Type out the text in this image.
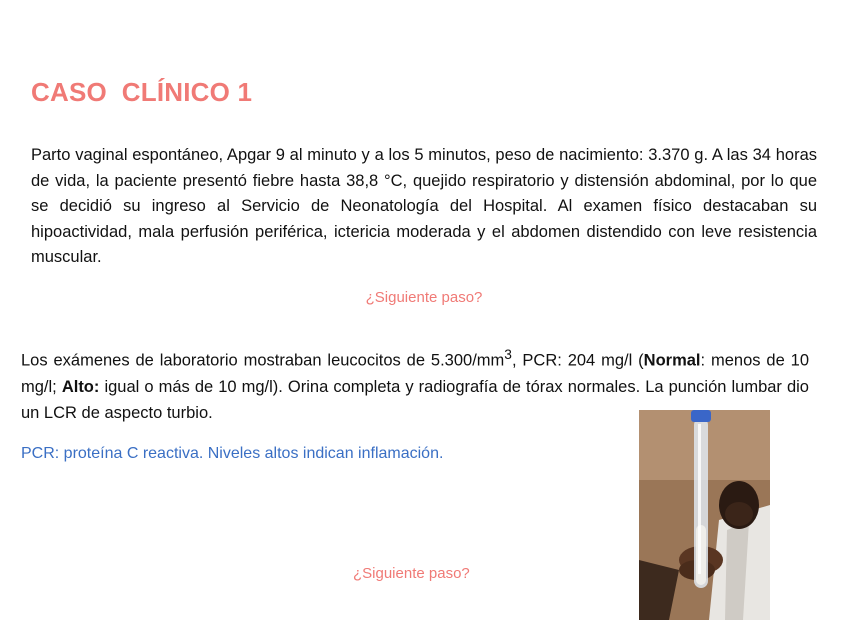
CASO  CLÍNICO 1
Parto vaginal espontáneo, Apgar 9 al minuto y a los 5 minutos, peso de nacimiento: 3.370 g. A las 34 horas de vida, la paciente presentó fiebre hasta 38,8 °C, quejido respiratorio y distensión abdominal, por lo que se decidió su ingreso al Servicio de Neonatología del Hospital. Al examen físico destacaban su hipoactividad, mala perfusión periférica, ictericia moderada y el abdomen distendido con leve resistencia muscular.
¿Siguiente paso?
Los exámenes de laboratorio mostraban leucocitos de $5.300/mm^3$, PCR: 204 mg/l (Normal: menos de 10 mg/l; Alto: igual o más de 10 mg/l). Orina completa y radiografía de tórax normales. La punción lumbar dio un LCR de aspecto turbio.
PCR: proteína C reactiva. Niveles altos indican inflamación.
¿Siguiente paso?
